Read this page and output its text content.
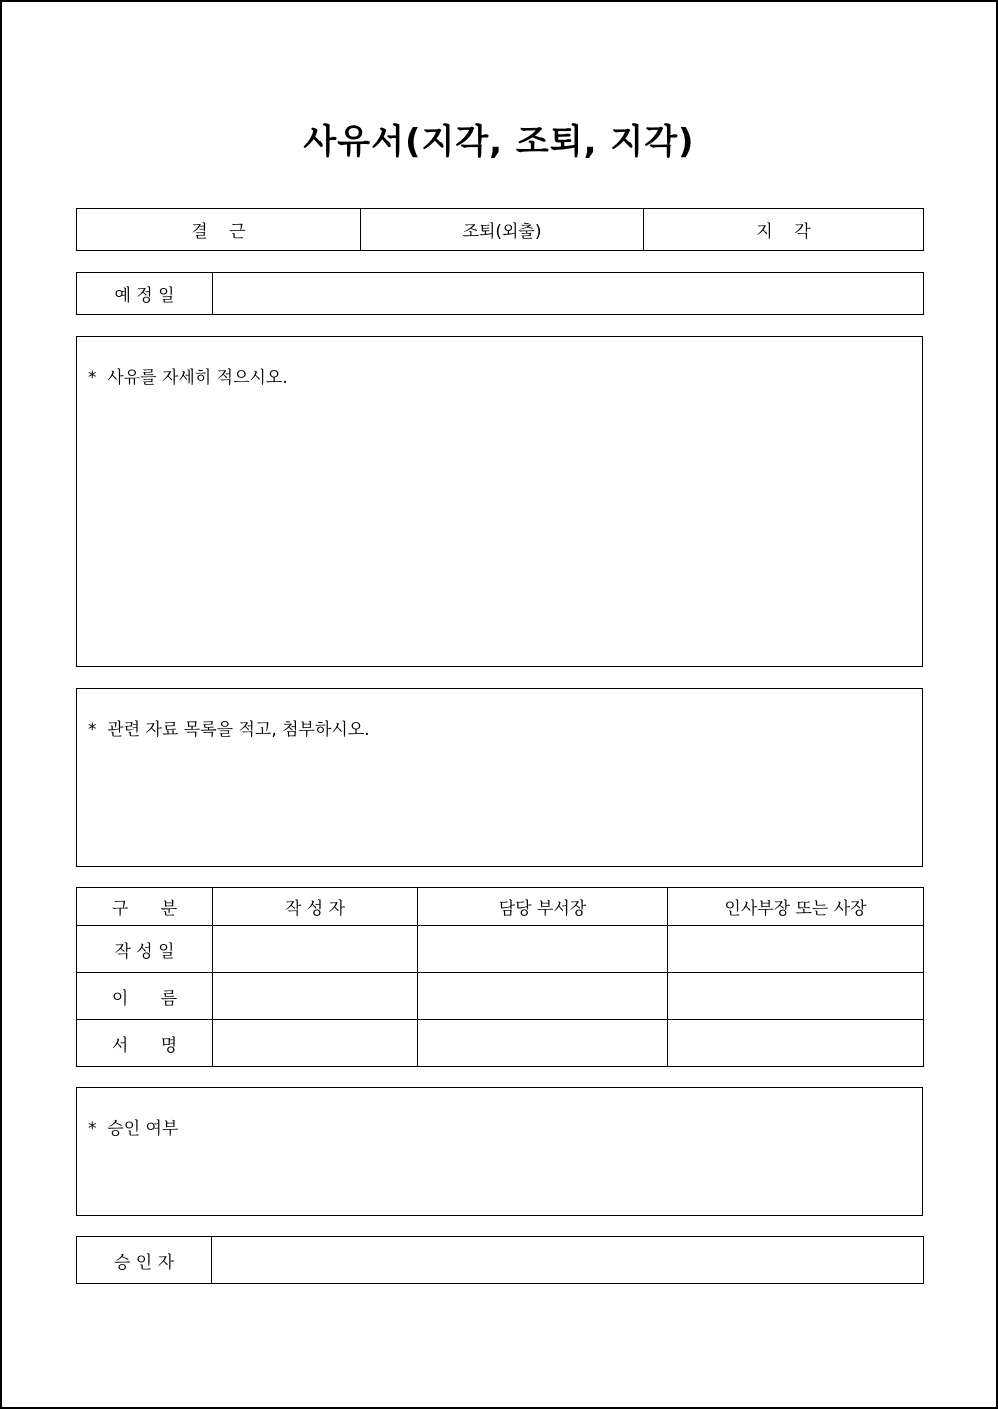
사유서(지각, 조퇴, 지각)
결    근	조퇴(외출)	지    각
예 정 일	
*  사유를 자세히 적으시오.
*  관련 자료 목록을 적고, 첨부하시오.
구      분	작 성 자	담당 부서장	인사부장 또는 사장
작 성 일			
이      름			
서      명			
*  승인 여부
승 인 자	
